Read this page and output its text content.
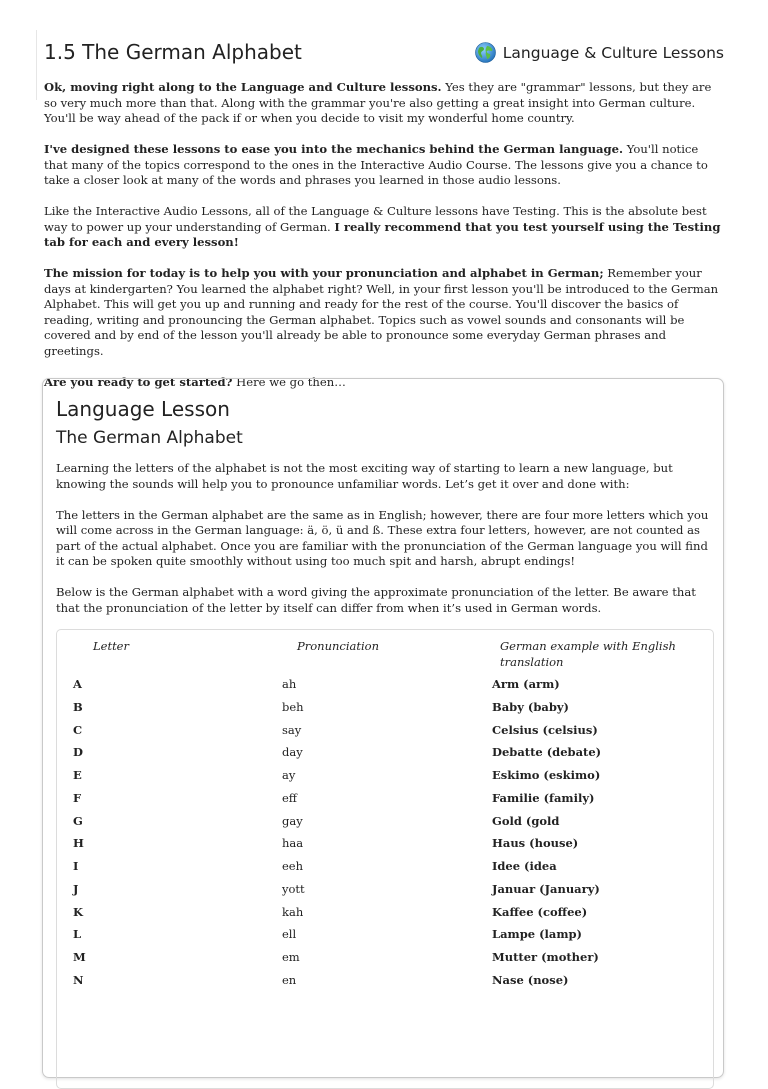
1.5 The German Alphabet	Language & Culture Lessons

Ok, moving right along to the Language and Culture lessons. Yes they are "grammar" lessons, but they are so very much more than that. Along with the grammar you're also getting a great insight into German culture. You'll be way ahead of the pack if or when you decide to visit my wonderful home country.

I've designed these lessons to ease you into the mechanics behind the German language. You'll notice that many of the topics correspond to the ones in the Interactive Audio Course. The lessons give you a chance to take a closer look at many of the words and phrases you learned in those audio lessons.

Like the Interactive Audio Lessons, all of the Language & Culture lessons have Testing. This is the absolute best way to power up your understanding of German. I really recommend that you test yourself using the Testing tab for each and every lesson!

The mission for today is to help you with your pronunciation and alphabet in German; Remember your days at kindergarten? You learned the alphabet right? Well, in your first lesson you'll be introduced to the German Alphabet. This will get you up and running and ready for the rest of the course. You'll discover the basics of reading, writing and pronouncing the German alphabet. Topics such as vowel sounds and consonants will be covered and by end of the lesson you'll already be able to pronounce some everyday German phrases and greetings.

Are you ready to get started? Here we go then…

Language Lesson
The German Alphabet

Learning the letters of the alphabet is not the most exciting way of starting to learn a new language, but knowing the sounds will help you to pronounce unfamiliar words. Let’s get it over and done with:

The letters in the German alphabet are the same as in English; however, there are four more letters which you will come across in the German language: ä, ö, ü and ß. These extra four letters, however, are not counted as part of the actual alphabet. Once you are familiar with the pronunciation of the German language you will find it can be spoken quite smoothly without using too much spit and harsh, abrupt endings!

Below is the German alphabet with a word giving the approximate pronunciation of the letter. Be aware that that the pronunciation of the letter by itself can differ from when it’s used in German words.

Letter	Pronunciation	German example with English translation
A	ah	Arm (arm)
B	beh	Baby (baby)
C	say	Celsius (celsius)
D	day	Debatte (debate)
E	ay	Eskimo (eskimo)
F	eff	Familie (family)
G	gay	Gold (gold
H	haa	Haus (house)
I	eeh	Idee (idea
J	yott	Januar (January)
K	kah	Kaffee (coffee)
L	ell	Lampe (lamp)
M	em	Mutter (mother)
N	en	Nase (nose)
